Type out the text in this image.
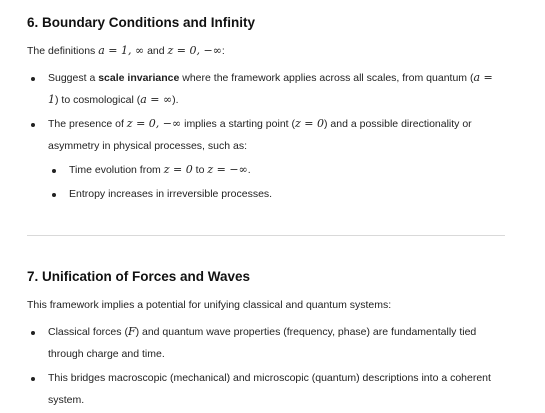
6. Boundary Conditions and Infinity

The definitions a = 1, ∞ and z = 0, −∞:

Suggest a scale invariance where the framework applies across all scales, from quantum (a = 1) to cosmological (a = ∞).
The presence of z = 0, −∞ implies a starting point (z = 0) and a possible directionality or asymmetry in physical processes, such as:
Time evolution from z = 0 to z = −∞.
Entropy increases in irreversible processes.
7. Unification of Forces and Waves

This framework implies a potential for unifying classical and quantum systems:

Classical forces (F) and quantum wave properties (frequency, phase) are fundamentally tied through charge and time.
This bridges macroscopic (mechanical) and microscopic (quantum) descriptions into a coherent system.
